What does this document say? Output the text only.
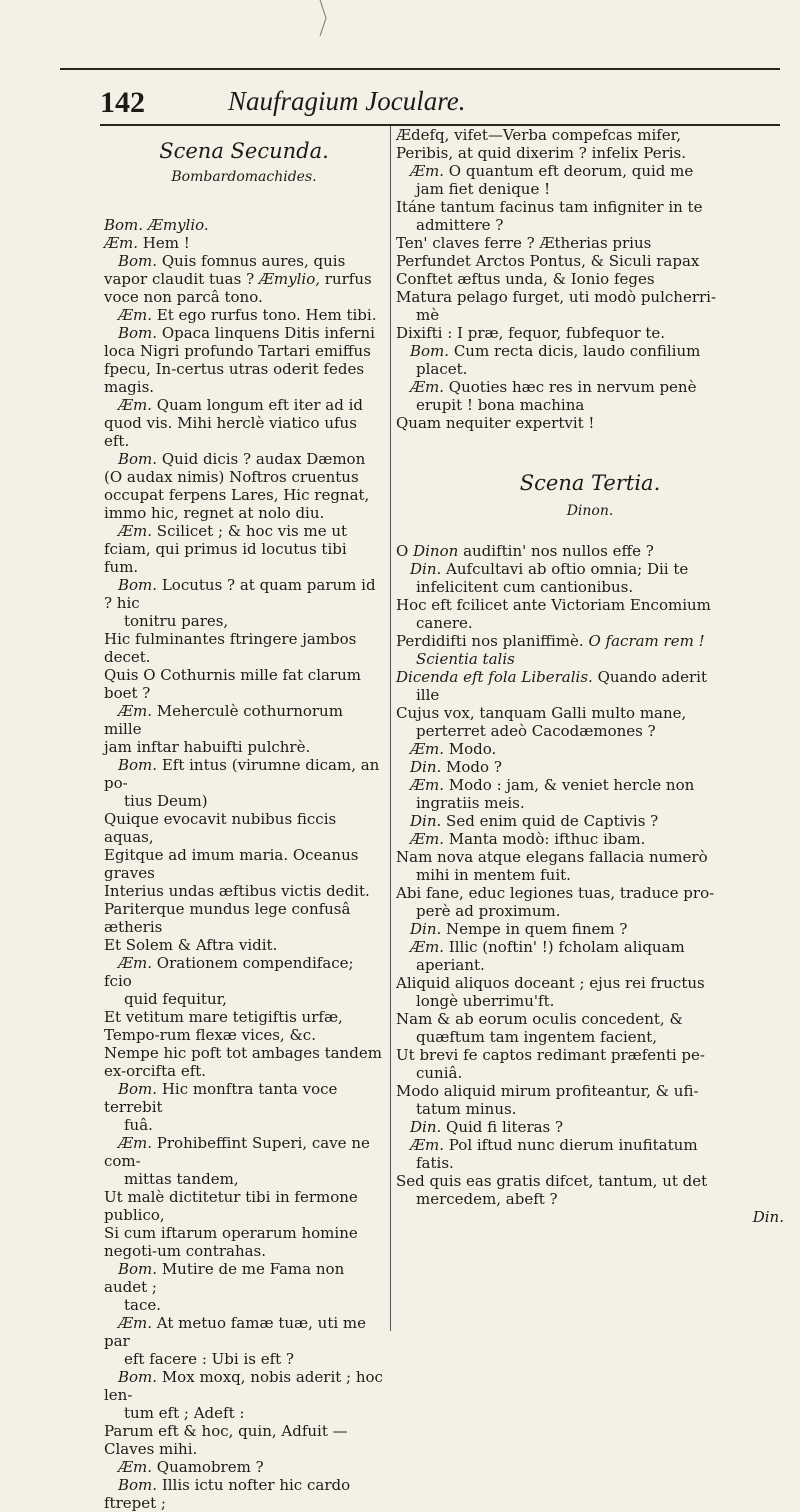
142	Naufragium Joculare.

Scena Secunda.

Bombardomachides.

Bom. Æmylio.

Æm. Hem !

Bom. Quis fomnus aures, quis vapor claudit tuas ? Æmylio, rurfus voce non parcâ tono.

Æm. Et ego rurfus tono. Hem tibi.

Bom. Opaca linquens Ditis inferni loca Nigri profundo Tartari emiffus fpecu, In-certus utras oderit fedes magis.

Æm. Quam longum eft iter ad id quod vis. Mihi herclè viatico ufus eft.

Bom. Quid dicis ? audax Dæmon (O audax nimis) Noftros cruentus occupat ferpens Lares, Hic regnat, immo hic, regnet at nolo diu.

Æm. Scilicet ; & hoc vis me ut fciam, qui primus id locutus tibi fum.

Bom. Locutus ? at quam parum id ? hic
tonitru pares,

Hic fulminantes ftringere jambos decet.

Quis O Cothurnis mille fat clarum boet ?

Æm. Meherculè cothurnorum mille
jam inftar habuifti pulchrè.

Bom. Eft intus (virumne dicam, an po-
tius Deum)

Quique evocavit nubibus ficcis aquas,

Egitque ad imum maria. Oceanus graves

Interius undas æftibus victis dedit.

Pariterque mundus lege confusâ ætheris

Et Solem & Aftra vidit.

Æm. Orationem compendiface; fcio
quid fequitur,

Et vetitum mare tetigiftis urfæ, Tempo-rum flexæ vices, &c.

Nempe hic poft tot ambages tandem ex-orcifta eft.

Bom. Hic monftra tanta voce terrebit
fuâ.

Æm. Prohibeffint Superi, cave ne com-
mittas tandem,

Ut malè dictitetur tibi in fermone publico,

Si cum iftarum operarum homine negoti-um contrahas.

Bom. Mutire de me Fama non audet ;
tace.

Æm. At metuo famæ tuæ, uti me par
eft facere : Ubi is eft ?

Bom. Mox moxq, nobis aderit ; hoc len-
tum eft ; Adeft :

Parum eft & hoc, quin, Adfuit — Claves mihi.

Æm. Quamobrem ?

Bom. Illis ictu nofter hic cardo ftrepet ;

Ædefq, vifet—Verba compefcas mifer,

Peribis, at quid dixerim ? infelix Peris.

Æm. O quantum eft deorum, quid me
jam fiet denique !

Itáne tantum facinus tam infigniter in te
admittere ?

Ten' claves ferre ? Ætherias prius

Perfundet Arctos Pontus, & Siculi rapax

Conftet æftus unda, & Ionio feges

Matura pelago furget, uti modò pulcherri-
mè

Dixifti : I præ, fequor, fubfequor te.

Bom. Cum recta dicis, laudo confilium
placet.

Æm. Quoties hæc res in nervum penè
erupit ! bona machina

Quam nequiter expertvit !

Scena Tertia.

Dinon.

O Dinon audiftin' nos nullos effe ?

Din. Aufcultavi ab oftio omnia; Dii te
infelicitent cum cantionibus.

Hoc eft fcilicet ante Victoriam Encomium
canere.

Perdidifti nos planiffimè. O facram rem !
Scientia talis

Dicenda eft fola Liberalis. Quando aderit
ille

Cujus vox, tanquam Galli multo mane,
perterret adeò Cacodæmones ?

Æm. Modo.

Din. Modo ?

Æm. Modo : jam, & veniet hercle non
ingratiis meis.

Din. Sed enim quid de Captivis ?

Æm. Manta modò: ifthuc ibam.

Nam nova atque elegans fallacia numerò
mihi in mentem fuit.

Abi fane, educ legiones tuas, traduce pro-
perè ad proximum.

Din. Nempe in quem finem ?

Æm. Illic (noftin' !) fcholam aliquam
aperiant.

Aliquid aliquos doceant ; ejus rei fructus
longè uberrimu'ft.

Nam & ab eorum oculis concedent, &
quæftum tam ingentem facient,

Ut brevi fe captos redimant præfenti pe-
cuniâ.

Modo aliquid mirum profiteantur, & ufi-
tatum minus.

Din. Quid fi literas ?

Æm. Pol iftud nunc dierum inufitatum
fatis.

Sed quis eas gratis difcet, tantum, ut det
mercedem, abeft ?

Din.
